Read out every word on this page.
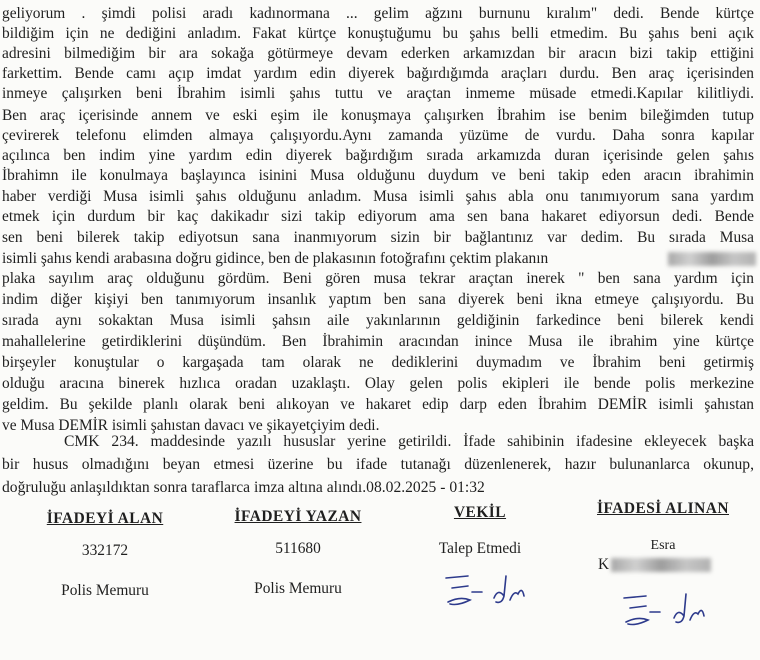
geliyorum . şimdi polisi aradı kadınormana ... gelim ağzını burnunu kıralım" dedi. Bende kürtçe
bildiğim için ne dediğini anladım. Fakat kürtçe konuştuğumu bu şahıs belli etmedim. Bu şahıs beni açık
adresini bilmediğim bir ara sokağa götürmeye devam ederken arkamızdan bir aracın bizi takip ettiğini
farkettim. Bende camı açıp imdat yardım edin diyerek bağırdığımda araçları durdu. Ben araç içerisinden
inmeye çalışırken beni İbrahim isimli şahıs tuttu ve araçtan inmeme müsade etmedi.Kapılar kilitliydi.
Ben araç içerisinde annem ve eski eşim ile konuşmaya çalışırken İbrahim ise benim bileğimden tutup
çevirerek telefonu elimden almaya çalışıyordu.Aynı zamanda yüzüme de vurdu. Daha sonra kapılar
açılınca ben indim yine yardım edin diyerek bağırdığım sırada arkamızda duran içerisinde gelen şahıs
İbrahimn ile konulmaya başlayınca isinini Musa olduğunu duydum ve beni takip eden aracın ibrahimin
haber verdiği Musa isimli şahıs olduğunu anladım. Musa isimli şahıs abla onu tanımıyorum sana yardım
etmek için durdum bir kaç dakikadır sizi takip ediyorum ama sen bana hakaret ediyorsun dedi. Bende
sen beni bilerek takip ediyotsun sana inanmıyorum sizin bir bağlantınız var dedim. Bu sırada Musa
isimli şahıs kendi arabasına doğru gidince, ben de plakasının fotoğrafını çektim plakanın
plaka sayılım araç olduğunu gördüm. Beni gören musa tekrar araçtan inerek " ben sana yardım için
indim diğer kişiyi ben tanımıyorum insanlık yaptım ben sana diyerek beni ikna etmeye çalışıyordu. Bu
sırada aynı sokaktan Musa isimli şahsın aile yakınlarının geldiğinin farkedince beni bilerek kendi
mahallelerine getirdiklerini düşündüm. Ben İbrahimin aracından inince Musa ile ibrahim yine kürtçe
birşeyler konuştular o kargaşada tam olarak ne dediklerini duymadım ve İbrahim beni getirmiş
olduğu aracına binerek hızlıca oradan uzaklaştı. Olay gelen polis ekipleri ile bende polis merkezine
geldim. Bu şekilde planlı olarak beni alıkoyan ve hakaret edip darp eden İbrahim DEMİR isimli şahıstan
ve Musa DEMİR isimli şahıstan davacı ve şikayetçiyim dedi.
CMK 234. maddesinde yazılı hususlar yerine getirildi. İfade sahibinin ifadesine ekleyecek başka
bir husus olmadığını beyan etmesi üzerine bu ifade tutanağı düzenlenerek, hazır bulunanlarca okunup,
doğruluğu anlaşıldıktan sonra taraflarca imza altına alındı.08.02.2025 - 01:32
İFADEYİ ALAN
332172
Polis Memuru
İFADEYİ YAZAN
511680
Polis Memuru
VEKİL
Talep Etmedi
İFADESİ ALINAN
Esra
K
